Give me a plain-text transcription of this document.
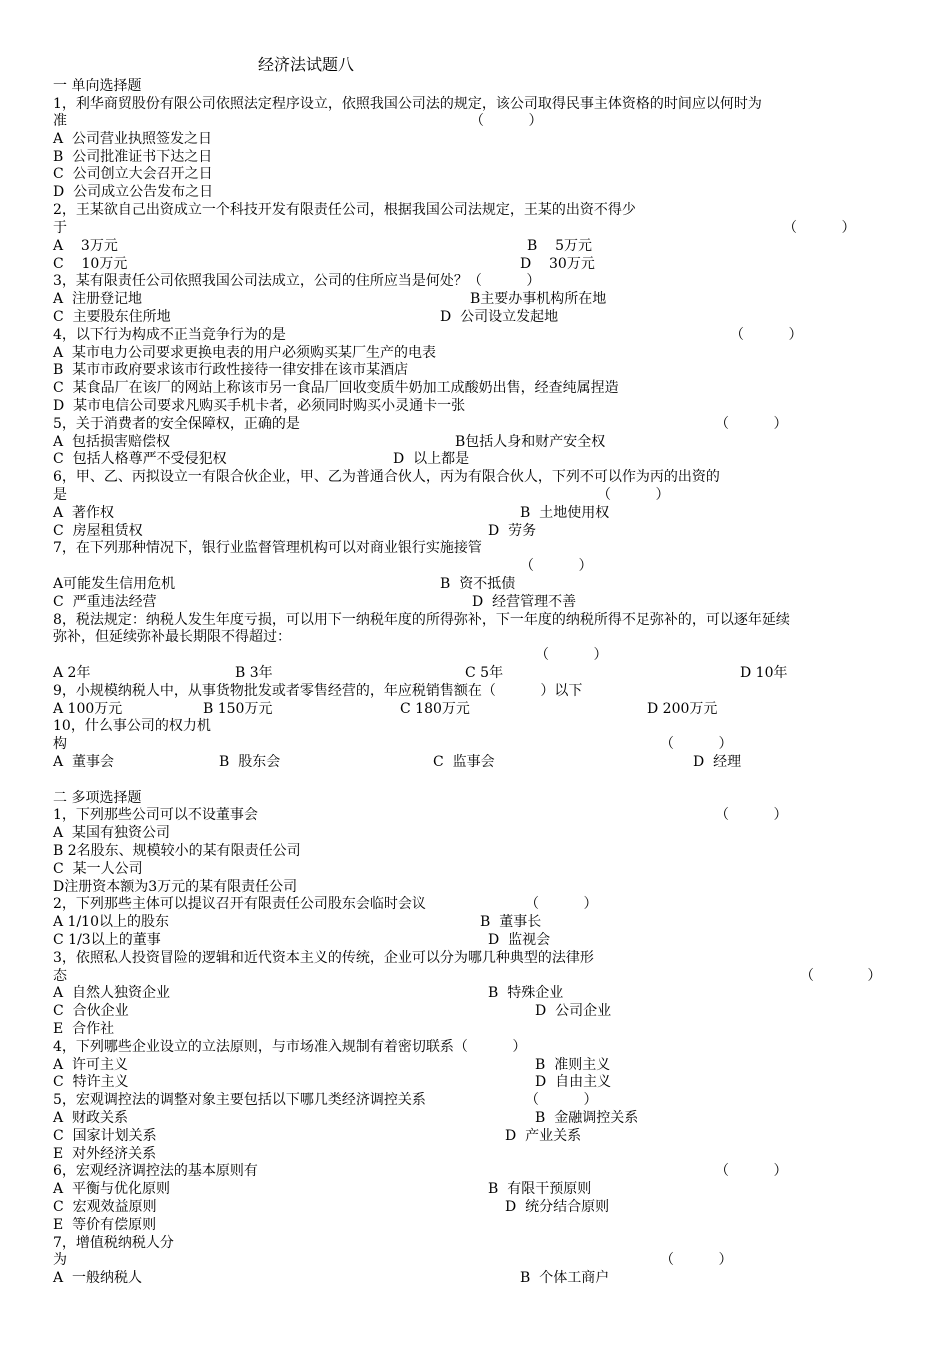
经济法试题八
一 单向选择题
1，利华商贸股份有限公司依照法定程序设立，依照我国公司法的规定，该公司取得民事主体资格的时间应以何时为
准	（          ）
A  公司营业执照签发之日
B  公司批准证书下达之日
C  公司创立大会召开之日
D  公司成立公告发布之日
2，王某欲自己出资成立一个科技开发有限责任公司，根据我国公司法规定，王某的出资不得少
于	（          ）
A    3万元	B    5万元
C    10万元	D    30万元
3，某有限责任公司依照我国公司法成立，公司的住所应当是何处？（          ）
A  注册登记地	B主要办事机构所在地
C  主要股东住所地	D  公司设立发起地
4，以下行为构成不正当竞争行为的是	（          ）
A  某市电力公司要求更换电表的用户必须购买某厂生产的电表
B  某市市政府要求该市行政性接待一律安排在该市某酒店
C  某食品厂在该厂的网站上称该市另一食品厂回收变质牛奶加工成酸奶出售，经查纯属捏造
D  某市电信公司要求凡购买手机卡者，必须同时购买小灵通卡一张
5，关于消费者的安全保障权，正确的是	（          ）
A  包括损害赔偿权	B包括人身和财产安全权
C  包括人格尊严不受侵犯权	D  以上都是
6，甲、乙、丙拟设立一有限合伙企业，甲、乙为普通合伙人，丙为有限合伙人，下列不可以作为丙的出资的
是	（          ）
A  著作权	B  土地使用权
C  房屋租赁权	D  劳务
7，在下列那种情况下，银行业监督管理机构可以对商业银行实施接管
（          ）
A可能发生信用危机	B  资不抵债
C  严重违法经营	D  经营管理不善
8，税法规定：纳税人发生年度亏损，可以用下一纳税年度的所得弥补，下一年度的纳税所得不足弥补的，可以逐年延续
弥补，但延续弥补最长期限不得超过：
（          ）
A 2年	B 3年	C 5年	D 10年
9，小规模纳税人中，从事货物批发或者零售经营的，年应税销售额在（          ）以下
A 100万元	B 150万元	C 180万元	D 200万元
10，什么事公司的权力机
构	（          ）
A  董事会	B  股东会	C  监事会	D  经理
二 多项选择题
1，下列那些公司可以不设董事会	（          ）
A  某国有独资公司
B 2名股东、规模较小的某有限责任公司
C  某一人公司
D注册资本额为3万元的某有限责任公司
2，下列那些主体可以提议召开有限责任公司股东会临时会议	（          ）
A 1/10以上的股东	B  董事长
C 1/3以上的董事	D  监视会
3，依照私人投资冒险的逻辑和近代资本主义的传统，企业可以分为哪几种典型的法律形
态	（            ）
A  自然人独资企业	B  特殊企业
C  合伙企业	D  公司企业
E  合作社
4，下列哪些企业设立的立法原则，与市场准入规制有着密切联系（          ）
A  许可主义	B  准则主义
C  特许主义	D  自由主义
5，宏观调控法的调整对象主要包括以下哪几类经济调控关系	（          ）
A  财政关系	B  金融调控关系
C  国家计划关系	D  产业关系
E  对外经济关系
6，宏观经济调控法的基本原则有	（          ）
A  平衡与优化原则	B  有限干预原则
C  宏观效益原则	D  统分结合原则
E  等价有偿原则
7，增值税纳税人分
为	（          ）
A  一般纳税人	B  个体工商户
